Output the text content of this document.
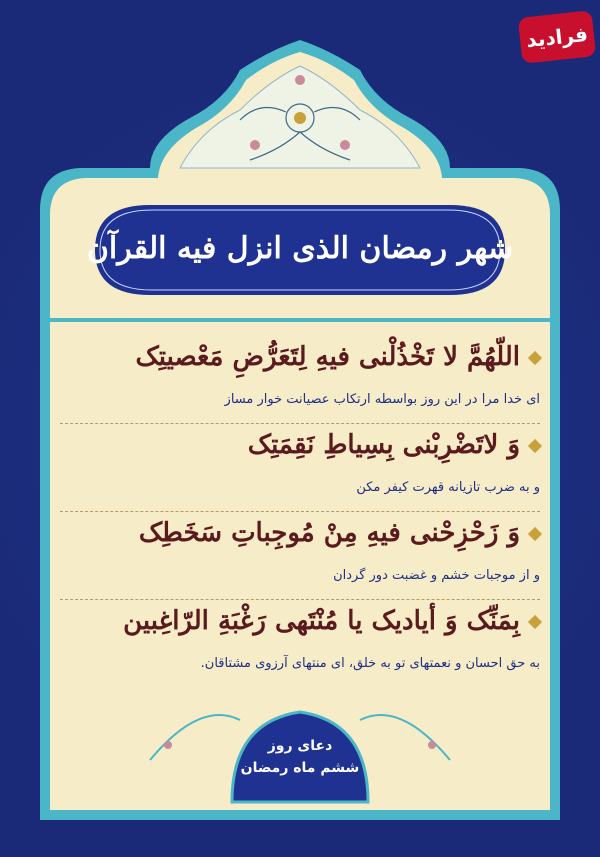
فرادید
شهر رمضان الذی انزل فیه القرآن
اللّهُمَّ لا تَخْذُلْنی فیهِ لِتَعَرُّضِ مَعْصیتِک
ای خدا مرا در این روز بواسطه ارتکاب عصیانت خوار مساز
وَ لاتَضْرِبْنی بِسِیاطِ نَقِمَتِک
و به ضرب تازیانه قهرت کیفر مکن
وَ زَحْزِحْنی فیهِ مِنْ مُوجِباتِ سَخَطِک
و از موجبات خشم و غضبت دور گردان
بِمَنِّک وَ أیادیک یا مُنْتَهی رَغْبَةِ الرّاغِبین
به حق احسان و نعمتهای تو به خلق، ای منتهای آرزوی مشتاقان.
دعای روز
ششم ماه رمضان
